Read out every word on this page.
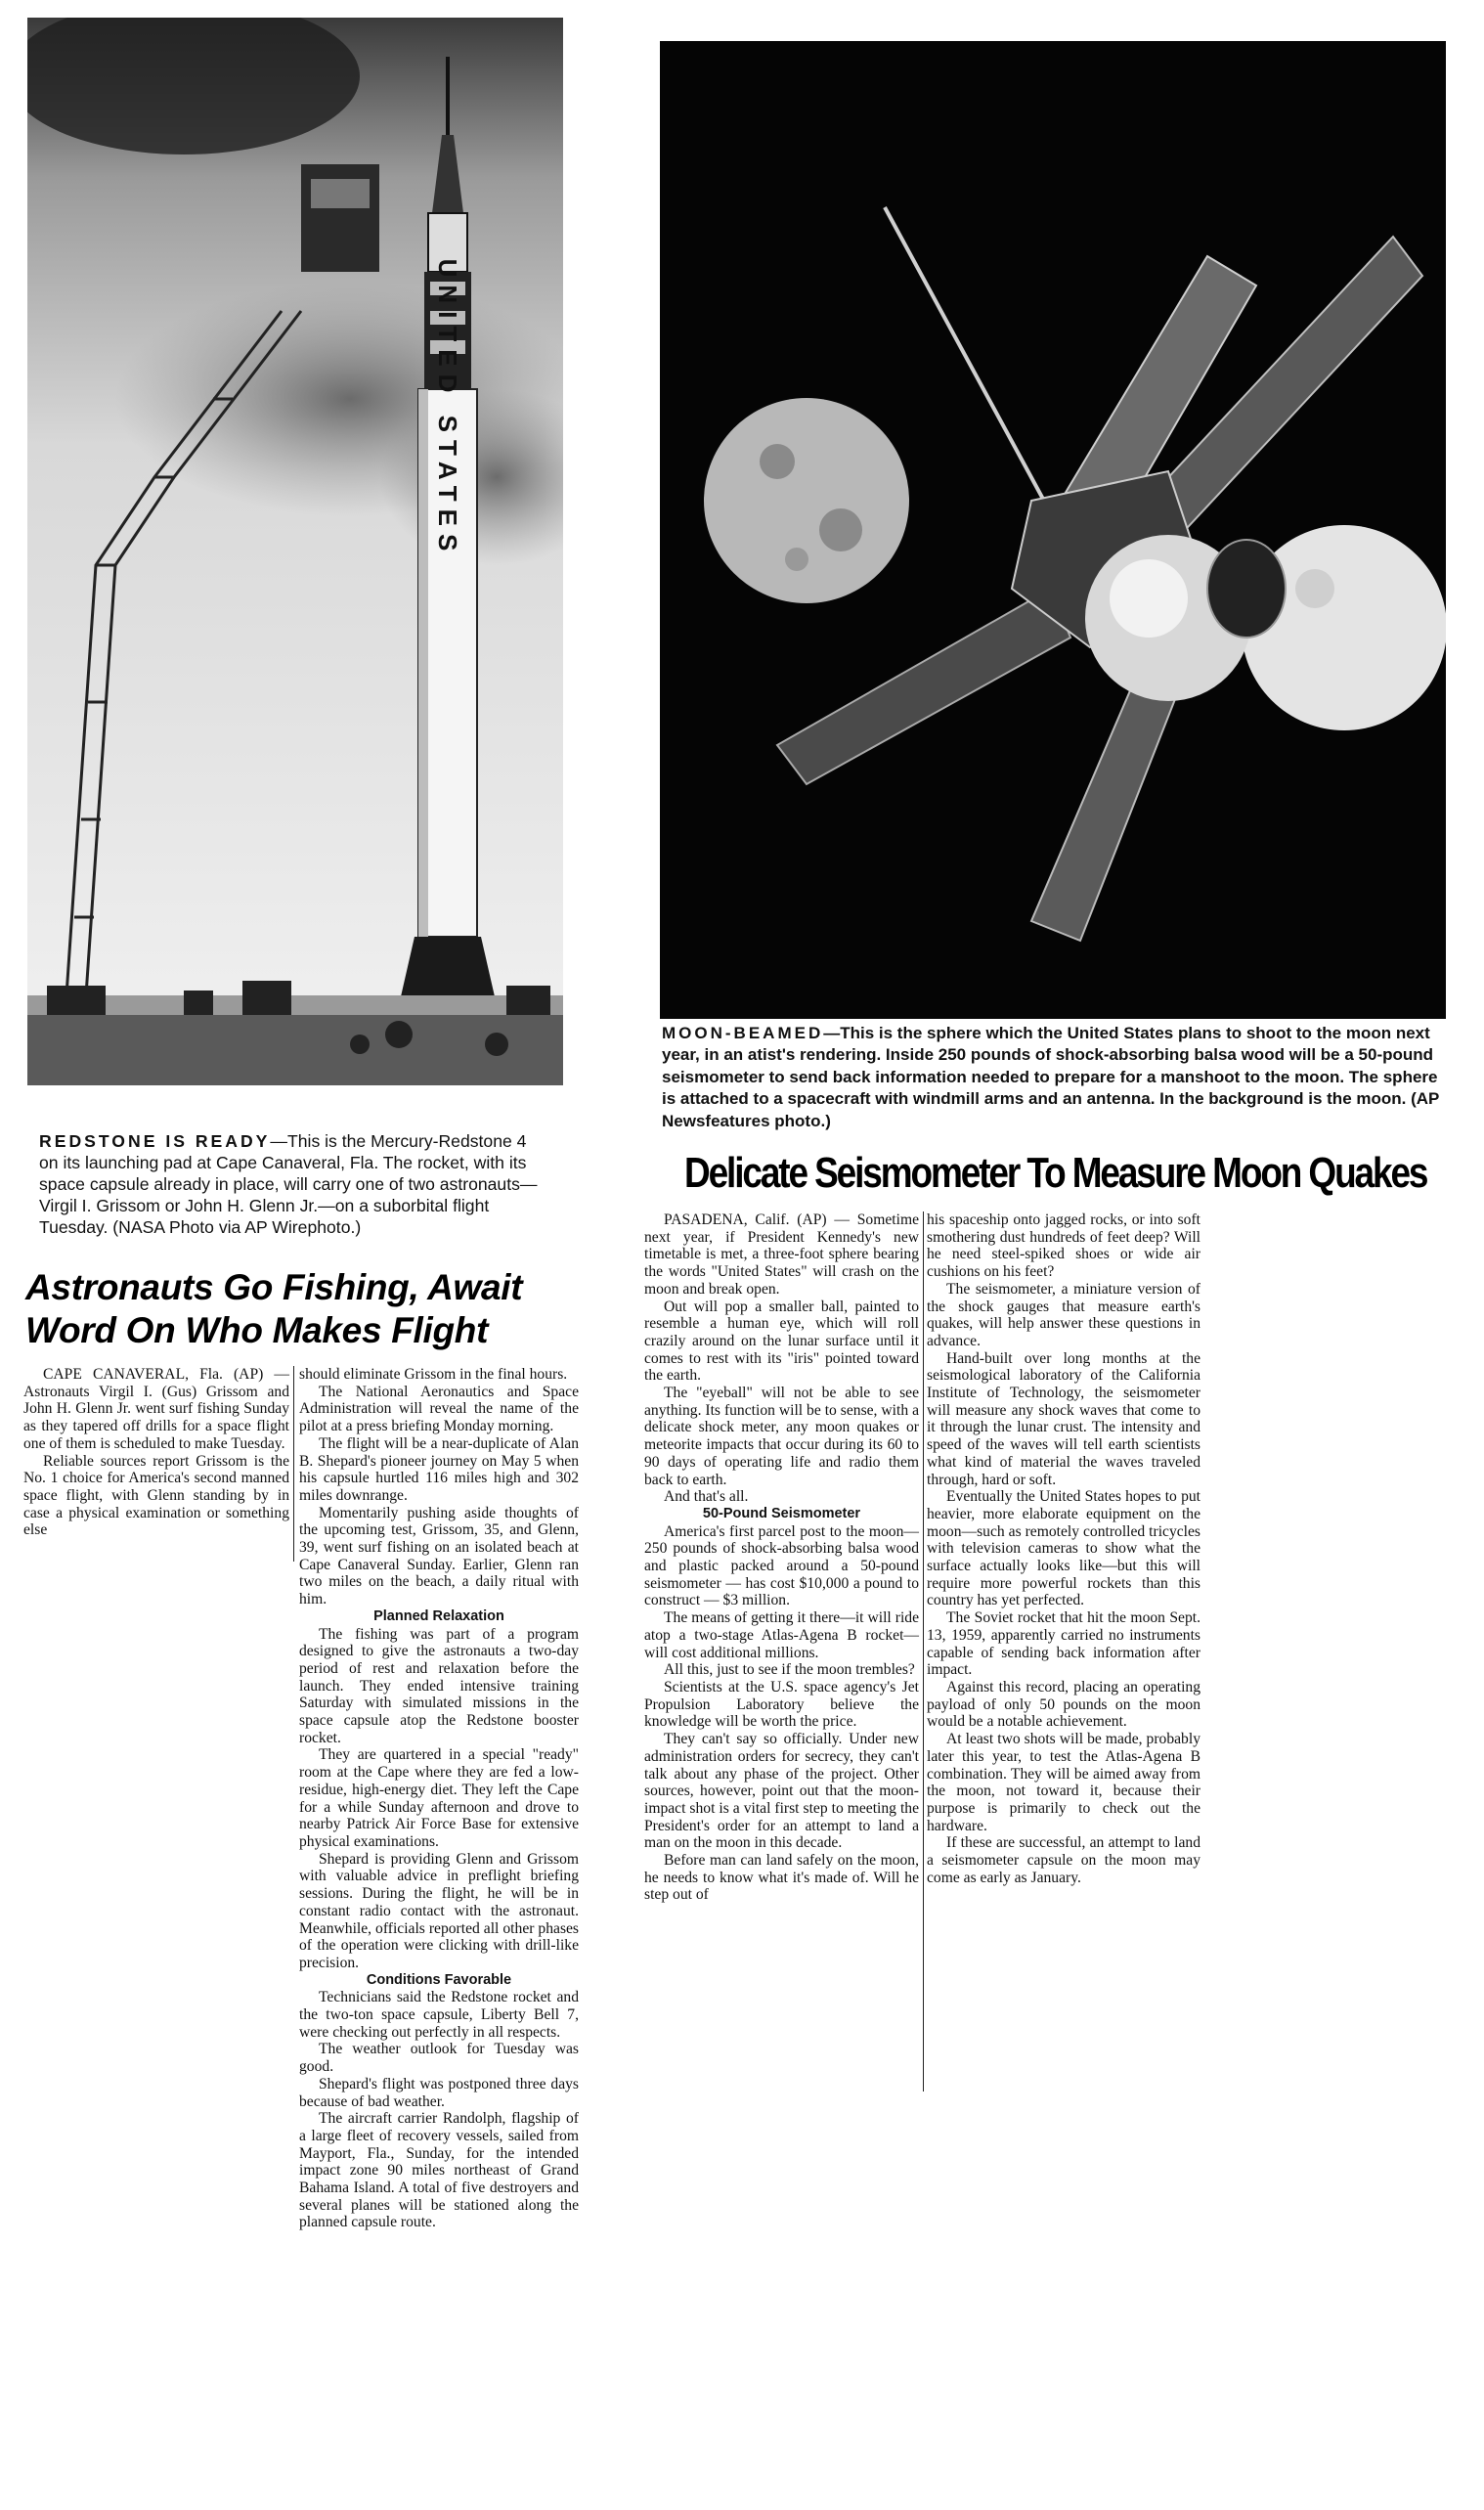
UNITED STATES
REDSTONE IS READY—This is the Mercury-Redstone 4 on its launching pad at Cape Canaveral, Fla. The rocket, with its space capsule already in place, will carry one of two astronauts—Virgil I. Grissom or John H. Glenn Jr.—on a suborbital flight Tuesday. (NASA Photo via AP Wirephoto.)
Astronauts Go Fishing, Await
Word On Who Makes Flight

CAPE CANAVERAL, Fla. (AP) —Astronauts Virgil I. (Gus) Grissom and John H. Glenn Jr. went surf fishing Sunday as they tapered off drills for a space flight one of them is scheduled to make Tuesday.

Reliable sources report Grissom is the No. 1 choice for America's second manned space flight, with Glenn standing by in case a physical examination or something else

should eliminate Grissom in the final hours.

The National Aeronautics and Space Administration will reveal the name of the pilot at a press briefing Monday morning.

The flight will be a near-duplicate of Alan B. Shepard's pioneer journey on May 5 when his capsule hurtled 116 miles high and 302 miles downrange.

Momentarily pushing aside thoughts of the upcoming test, Grissom, 35, and Glenn, 39, went surf fishing on an isolated beach at Cape Canaveral Sunday. Earlier, Glenn ran two miles on the beach, a daily ritual with him.

Planned Relaxation

The fishing was part of a program designed to give the astronauts a two-day period of rest and relaxation before the launch. They ended intensive training Saturday with simulated missions in the space capsule atop the Redstone booster rocket.

They are quartered in a special "ready" room at the Cape where they are fed a low-residue, high-energy diet. They left the Cape for a while Sunday afternoon and drove to nearby Patrick Air Force Base for extensive physical examinations.

Shepard is providing Glenn and Grissom with valuable advice in preflight briefing sessions. During the flight, he will be in constant radio contact with the astronaut. Meanwhile, officials reported all other phases of the operation were clicking with drill-like precision.

Conditions Favorable

Technicians said the Redstone rocket and the two-ton space capsule, Liberty Bell 7, were checking out perfectly in all respects.

The weather outlook for Tuesday was good.

Shepard's flight was postponed three days because of bad weather.

The aircraft carrier Randolph, flagship of a large fleet of recovery vessels, sailed from Mayport, Fla., Sunday, for the intended impact zone 90 miles northeast of Grand Bahama Island. A total of five destroyers and several planes will be stationed along the planned capsule route.

MOON-BEAMED—This is the sphere which the United States plans to shoot to the moon next year, in an atist's rendering. Inside 250 pounds of shock-absorbing balsa wood will be a 50-pound seismometer to send back information needed to prepare for a manshoot to the moon. The sphere is attached to a spacecraft with windmill arms and an antenna. In the background is the moon. (AP Newsfeatures photo.)
Delicate Seismometer To Measure Moon Quakes

PASADENA, Calif. (AP) — Sometime next year, if President Kennedy's new timetable is met, a three-foot sphere bearing the words "United States" will crash on the moon and break open.

Out will pop a smaller ball, painted to resemble a human eye, which will roll crazily around on the lunar surface until it comes to rest with its "iris" pointed toward the earth.

The "eyeball" will not be able to see anything. Its function will be to sense, with a delicate shock meter, any moon quakes or meteorite impacts that occur during its 60 to 90 days of operating life and radio them back to earth.

And that's all.

50-Pound Seismometer

America's first parcel post to the moon—250 pounds of shock-absorbing balsa wood and plastic packed around a 50-pound seismometer — has cost $10,000 a pound to construct — $3 million.

The means of getting it there—it will ride atop a two-stage Atlas-Agena B rocket—will cost additional millions.

All this, just to see if the moon trembles?

Scientists at the U.S. space agency's Jet Propulsion Laboratory believe the knowledge will be worth the price.

They can't say so officially. Under new administration orders for secrecy, they can't talk about any phase of the project. Other sources, however, point out that the moon-impact shot is a vital first step to meeting the President's order for an attempt to land a man on the moon in this decade.

Before man can land safely on the moon, he needs to know what it's made of. Will he step out of

his spaceship onto jagged rocks, or into soft smothering dust hundreds of feet deep? Will he need steel-spiked shoes or wide air cushions on his feet?

The seismometer, a miniature version of the shock gauges that measure earth's quakes, will help answer these questions in advance.

Hand-built over long months at the seismological laboratory of the California Institute of Technology, the seismometer will measure any shock waves that come to it through the lunar crust. The intensity and speed of the waves will tell earth scientists what kind of material the waves traveled through, hard or soft.

Eventually the United States hopes to put heavier, more elaborate equipment on the moon—such as remotely controlled tricycles with television cameras to show what the surface actually looks like—but this will require more powerful rockets than this country has yet perfected.

The Soviet rocket that hit the moon Sept. 13, 1959, apparently carried no instruments capable of sending back information after impact.

Against this record, placing an operating payload of only 50 pounds on the moon would be a notable achievement.

At least two shots will be made, probably later this year, to test the Atlas-Agena B combination. They will be aimed away from the moon, not toward it, because their purpose is primarily to check out the hardware.

If these are successful, an attempt to land a seismometer capsule on the moon may come as early as January.
